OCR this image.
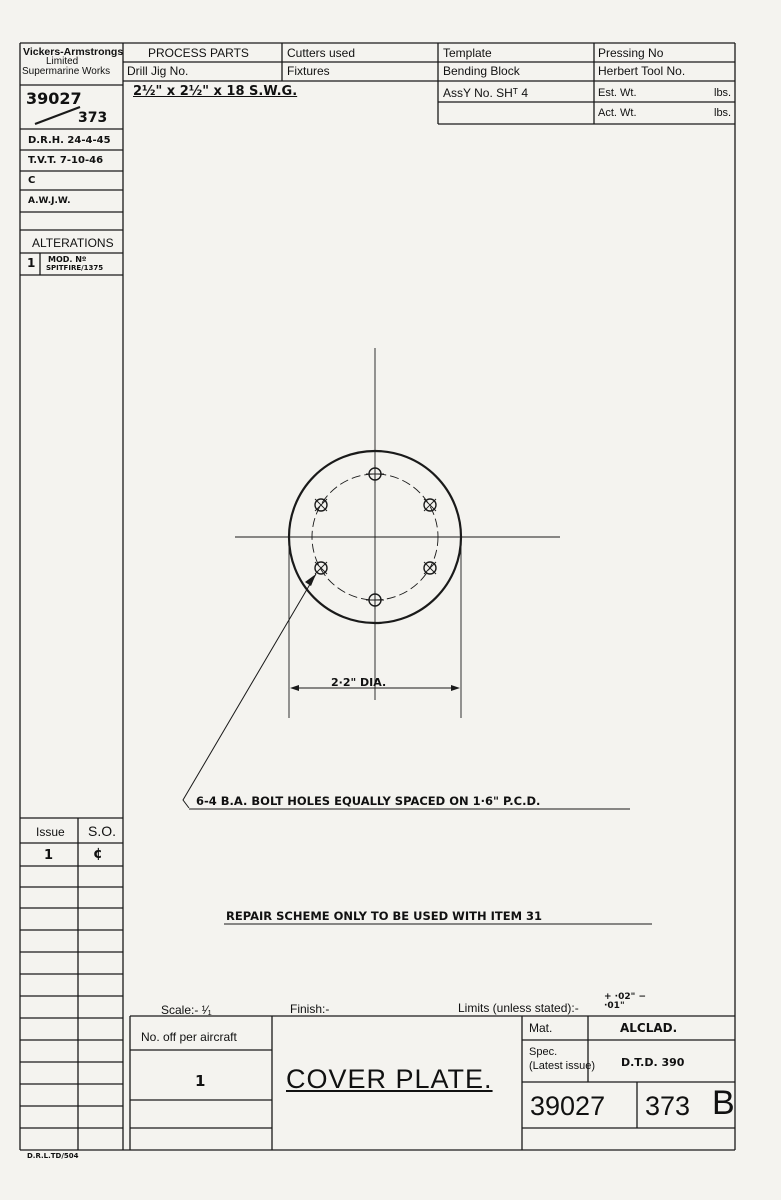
Vickers-Armstrongs
Limited
Supermarine Works
39027
373
D.R.H. 24-4-45
T.V.T. 7-10-46
C
A.W.J.W.
ALTERATIONS
1 MOD. Nº
SPITFIRE/1375
PROCESS PARTS	Cutters used	Template	Pressing No
Drill Jig No.	Fixtures	Bending Block	Herbert Tool No.
2½" x 2½" x 18 S.W.G.	AssY No. SHᵀ 4	Est. Wt.	lbs.
Act. Wt.	lbs.
2·2" DIA.
6-4 B.A. BOLT HOLES EQUALLY SPACED ON 1·6" P.C.D.
REPAIR SCHEME ONLY TO BE USED WITH ITEM 31
Issue S.O.
1	¢
Scale:- ¹⁄₁	Finish:-	Limits (unless stated):-
+ ·02" − ·01"
No. off per aircraft
1	COVER PLATE.
Mat.	ALCLAD.
Spec.
(Latest issue) D.T.D. 390
39027 373 B
D.R.L.TD/504
